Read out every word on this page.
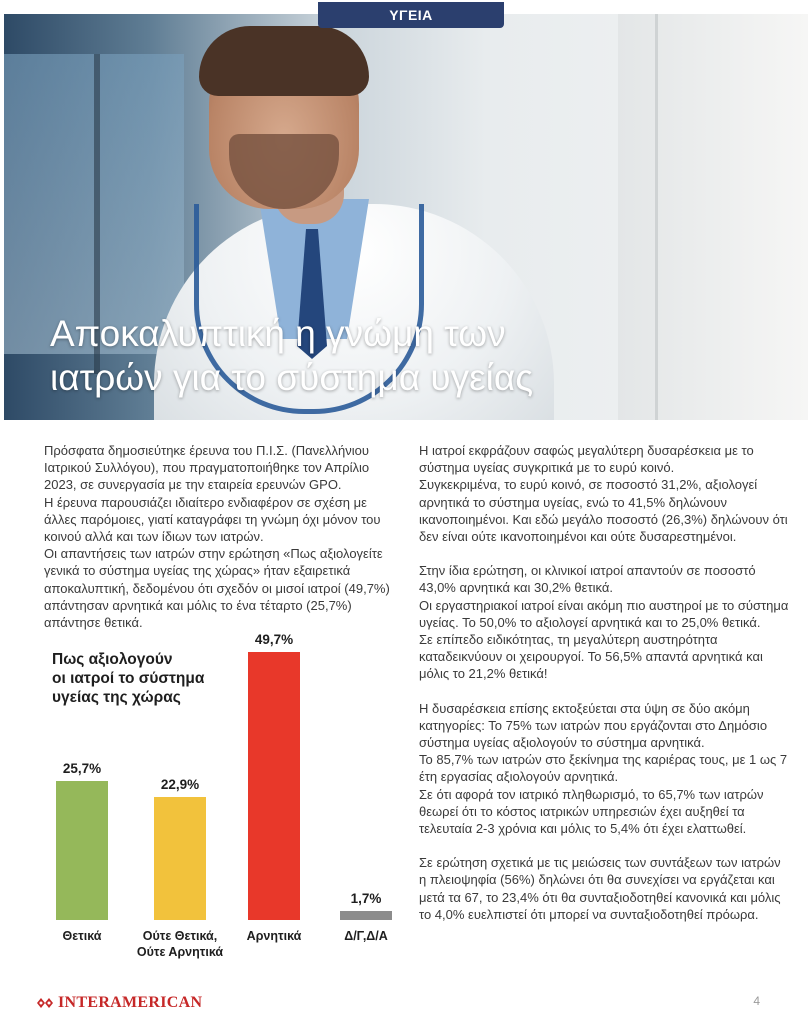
ΥΓΕΙΑ
Αποκαλυπτική η γνώμη των
ιατρών για το σύστημα υγείας

Πρόσφατα δημοσιεύτηκε έρευνα του Π.Ι.Σ. (Πανελλήνιου Ιατρικού Συλλόγου), που πραγματοποιήθηκε τον Απρίλιο 2023, σε συνεργασία με την εταιρεία ερευνών GPO.

Η έρευνα παρουσιάζει ιδιαίτερο ενδιαφέρον σε σχέση με άλλες παρόμοιες, γιατί καταγράφει τη γνώμη όχι μόνον του κοινού αλλά και των ίδιων των ιατρών.

Οι απαντήσεις των ιατρών στην ερώτηση «Πως αξιολογείτε γενικά το σύστημα υγείας της χώρας» ήταν εξαιρετικά αποκαλυπτική, δεδομένου ότι σχεδόν οι μισοί ιατροί (49,7%) απάντησαν αρνητικά και μόλις το ένα τέταρτο (25,7%) απάντησε θετικά.

Η ιατροί εκφράζουν σαφώς μεγαλύτερη δυσαρέσκεια με το σύστημα υγείας συγκριτικά με το ευρύ κοινό.

Συγκεκριμένα, το ευρύ κοινό, σε ποσοστό 31,2%, αξιολογεί αρνητικά το σύστημα υγείας, ενώ το 41,5% δηλώνουν ικανοποιημένοι. Και εδώ μεγάλο ποσοστό (26,3%) δηλώνουν ότι δεν είναι ούτε ικανοποιημένοι και ούτε δυσαρεστημένοι.

Στην ίδια ερώτηση, οι κλινικοί ιατροί απαντούν σε ποσοστό 43,0% αρνητικά και 30,2% θετικά.

Οι εργαστηριακοί ιατροί είναι ακόμη πιο αυστηροί με το σύστημα υγείας. Το 50,0% το αξιολογεί αρνητικά και το 25,0% θετικά.

Σε επίπεδο ειδικότητας, τη μεγαλύτερη αυστηρότητα καταδεικνύουν οι χειρουργοί. Το 56,5% απαντά αρνητικά και μόλις το 21,2% θετικά!

Η δυσαρέσκεια επίσης εκτοξεύεται στα ύψη σε δύο ακόμη κατηγορίες: Το 75% των ιατρών που εργάζονται στο Δημόσιο σύστημα υγείας αξιολογούν το σύστημα αρνητικά.

Το 85,7% των ιατρών στο ξεκίνημα της καριέρας τους, με 1 ως 7 έτη εργασίας αξιολογούν αρνητικά.

Σε ότι αφορά τον ιατρικό πληθωρισμό, το 65,7% των ιατρών θεωρεί ότι το κόστος ιατρικών υπηρεσιών έχει αυξηθεί τα τελευταία 2-3 χρόνια και μόλις το 5,4% ότι έχει ελαττωθεί.

Σε ερώτηση σχετικά με τις μειώσεις των συντάξεων των ιατρών η πλειοψηφία (56%) δηλώνει ότι θα συνεχίσει να εργάζεται και μετά τα 67, το 23,4% ότι θα συνταξιοδοτηθεί κανονικά και μόλις το 4,0% ευελπιστεί ότι μπορεί να συνταξιοδοτηθεί πρόωρα.

Πως αξιολογούν
οι ιατροί το σύστημα
υγείας της χώρας
25,7%
Θετικά
22,9%
Ούτε Θετικά,
Ούτε Αρνητικά
49,7%
Αρνητικά
1,7%
Δ/Γ,Δ/Α
INTERAMERICAN	4
